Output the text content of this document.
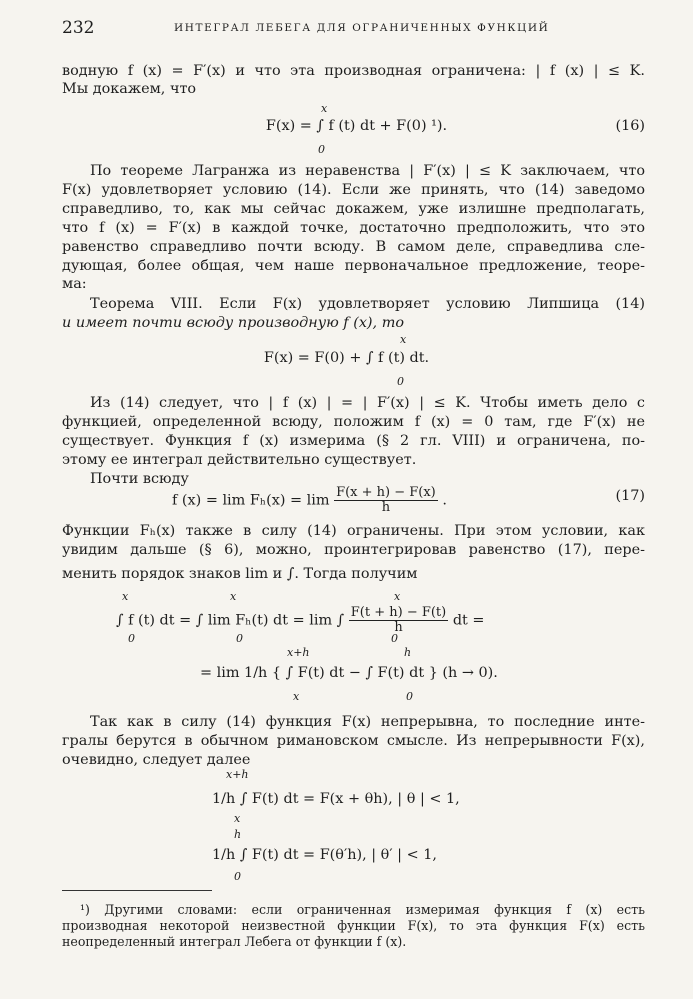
232	ИНТЕГРАЛ ЛЕБЕГА ДЛЯ ОГРАНИЧЕННЫХ ФУНКЦИЙ
водную f (x) = F′(x) и что эта производная ограничена: | f (x) | ≤ K.
Мы докажем, что
x
F(x) = ∫ f (t) dt + F(0) ¹).
0
(16)
По теореме Лагранжа из неравенства | F′(x) | ≤ K заключаем, что
F(x) удовлетворяет условию (14). Если же принять, что (14) заведомо
справедливо, то, как мы сейчас докажем, уже излишне предполагать,
что f (x) = F′(x) в каждой точке, достаточно предположить, что это
равенство справедливо почти всюду. В самом деле, справедлива сле-
дующая, более общая, чем наше первоначальное предложение, теоре-
ма:
Теорема VIII. Если F(x) удовлетворяет условию Липшица (14)
и имеет почти всюду производную f (x), то
x
F(x) = F(0) + ∫ f (t) dt.
0
Из (14) следует, что | f (x) | = | F′(x) | ≤ K. Чтобы иметь дело с
функцией, определенной всюду, положим f (x) = 0 там, где F′(x) не
существует. Функция f (x) измерима (§ 2 гл. VIII) и ограничена, по-
этому ее интеграл действительно существует.
Почти всюду
f $(x) = \lim F_h(x) = \lim \frac{F(x + h) - F(x)}{h}$ .	(17)
Функции Fₕ(x) также в силу (14) ограничены. При этом условии, как
увидим дальше (§ 6), можно, проинтегрировав равенство (17), пере-
менить порядок знаков lim и ∫. Тогда получим
x	x	x
∫ f (t) dt = ∫ lim Fₕ(t) dt = lim ∫ $\frac{F(t + h) - F(t)}{h}$ dt =
0	0	0
x+h	h
= lim 1/h { ∫ F(t) dt − ∫ F(t) dt } (h → 0).
x	0
Так как в силу (14) функция F(x) непрерывна, то последние инте-
гралы берутся в обычном римановском смысле. Из непрерывности F(x),
очевидно, следует далее
x+h
1/h ∫ F(t) dt = F(x + θh), | θ | < 1,
x
h
1/h ∫ F(t) dt = F(θ′h), | θ′ | < 1,
0
¹) Другими словами: если ограниченная измеримая функция f (x) есть
производная некоторой неизвестной функции F(x), то эта функция F(x) есть
неопределенный интеграл Лебега от функции f (x).
